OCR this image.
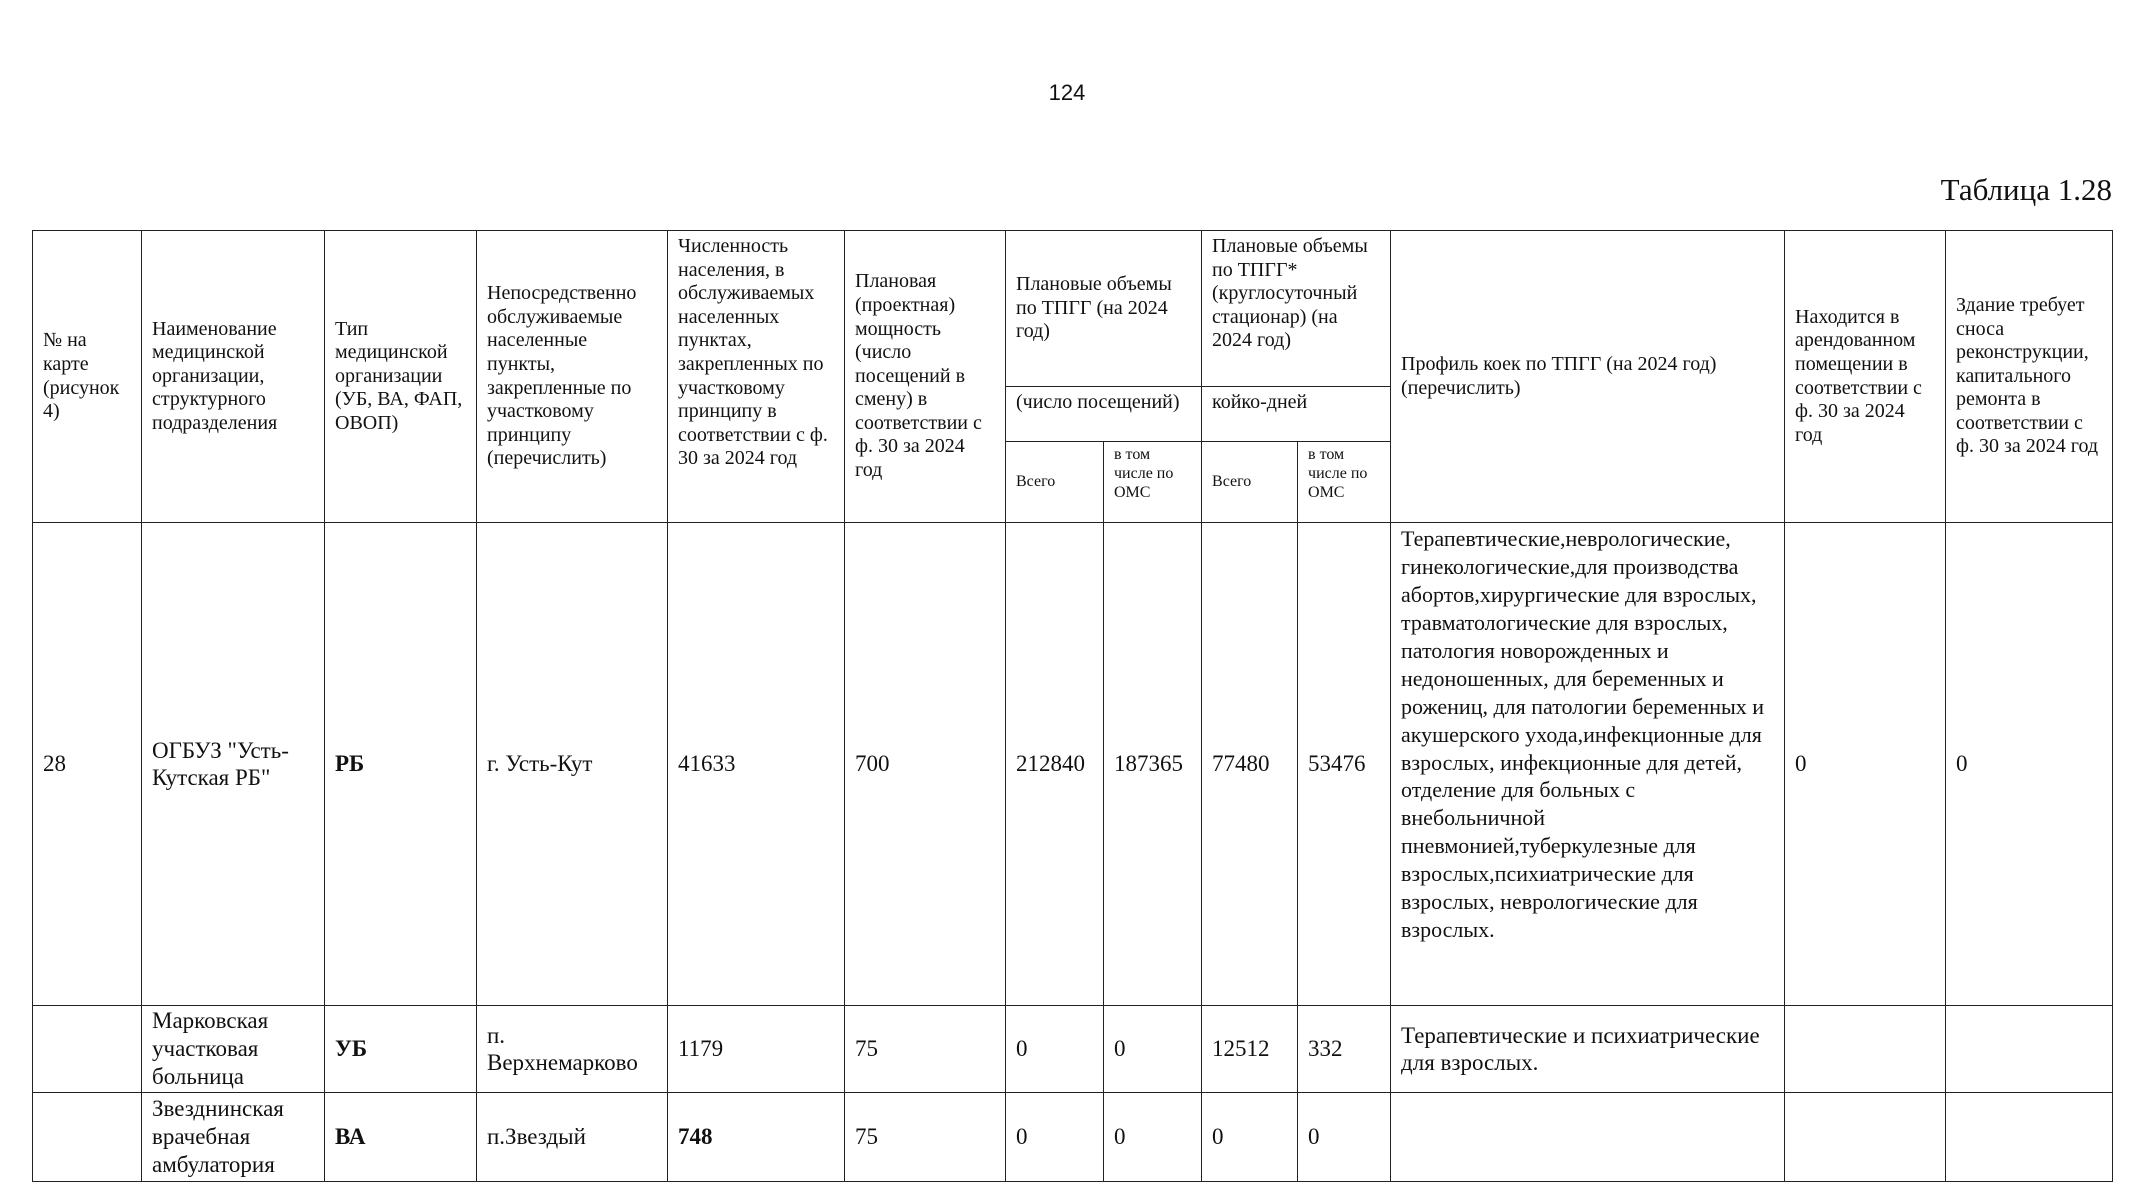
124
Таблица 1.28
№ на карте (рисунок 4)	Наименование медицинской организации, структурного подразделения	Тип медицинской организации (УБ, ВА, ФАП, ОВОП)	Непосредственно обслуживаемые населенные пункты, закрепленные по участковому принципу (перечислить)	Численность населения, в обслуживаемых населенных пунктах, закрепленных по участковому принципу в соответствии с ф. 30 за 2024 год	Плановая (проектная) мощность (число посещений в смену) в соответствии с ф. 30 за 2024 год	Плановые объемы по ТПГГ (на 2024 год)		Плановые объемы по ТПГГ* (круглосуточный стационар) (на 2024 год)		Профиль коек по ТПГГ (на 2024 год) (перечислить)	Находится в арендованном помещении в соответствии с ф. 30 за 2024 год	Здание требует сноса реконструкции, капитального ремонта в соответствии с ф. 30 за 2024 год
						(число посещений)		койко-дней				
						Всего	в том числе по ОМС	Всего	в том числе по ОМС			
28	ОГБУЗ "Усть-Кутская РБ"	РБ	г. Усть-Кут	41633	700	212840	187365	77480	53476	Терапевтические,неврологические, гинекологические,для производства абортов,хирургические для взрослых, травматологические для взрослых, патология новорожденных и недоношенных, для беременных и рожениц, для патологии беременных и акушерского ухода,инфекционные для взрослых, инфекционные для детей, отделение для больных с внебольничной пневмонией,туберкулезные для взрослых,психиатрические для взрослых, неврологические для взрослых.	0	0
	Марковская участковая больница	УБ	п. Верхнемарково	1179	75	0	0	12512	332	Терапевтические и психиатрические для взрослых.		
	Звезднинская врачебная амбулатория	ВА	п.Звездый	748	75	0	0	0	0			
